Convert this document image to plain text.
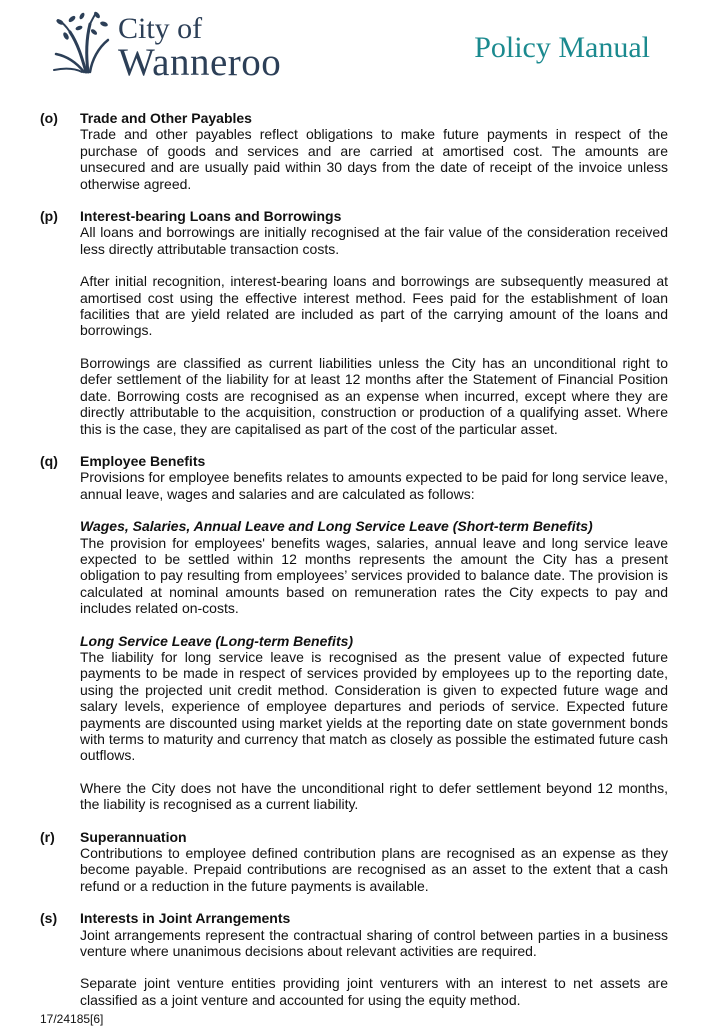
City of
Wanneroo	Policy Manual
(o) Trade and Other Payables

Trade and other payables reflect obligations to make future payments in respect of the purchase of goods and services and are carried at amortised cost. The amounts are unsecured and are usually paid within 30 days from the date of receipt of the invoice unless otherwise agreed.

(p) Interest-bearing Loans and Borrowings

All loans and borrowings are initially recognised at the fair value of the consideration received less directly attributable transaction costs.

After initial recognition, interest-bearing loans and borrowings are subsequently measured at amortised cost using the effective interest method. Fees paid for the establishment of loan facilities that are yield related are included as part of the carrying amount of the loans and borrowings.

Borrowings are classified as current liabilities unless the City has an unconditional right to defer settlement of the liability for at least 12 months after the Statement of Financial Position date. Borrowing costs are recognised as an expense when incurred, except where they are directly attributable to the acquisition, construction or production of a qualifying asset. Where this is the case, they are capitalised as part of the cost of the particular asset.

(q) Employee Benefits

Provisions for employee benefits relates to amounts expected to be paid for long service leave, annual leave, wages and salaries and are calculated as follows:

Wages, Salaries, Annual Leave and Long Service Leave (Short-term Benefits)

The provision for employees' benefits wages, salaries, annual leave and long service leave expected to be settled within 12 months represents the amount the City has a present obligation to pay resulting from employees’ services provided to balance date. The provision is calculated at nominal amounts based on remuneration rates the City expects to pay and includes related on-costs.

Long Service Leave (Long-term Benefits)

The liability for long service leave is recognised as the present value of expected future payments to be made in respect of services provided by employees up to the reporting date, using the projected unit credit method. Consideration is given to expected future wage and salary levels, experience of employee departures and periods of service. Expected future payments are discounted using market yields at the reporting date on state government bonds with terms to maturity and currency that match as closely as possible the estimated future cash outflows.

Where the City does not have the unconditional right to defer settlement beyond 12 months, the liability is recognised as a current liability.

(r) Superannuation

Contributions to employee defined contribution plans are recognised as an expense as they become payable. Prepaid contributions are recognised as an asset to the extent that a cash refund or a reduction in the future payments is available.

(s) Interests in Joint Arrangements

Joint arrangements represent the contractual sharing of control between parties in a business venture where unanimous decisions about relevant activities are required.

Separate joint venture entities providing joint venturers with an interest to net assets are classified as a joint venture and accounted for using the equity method.

17/24185[6]
